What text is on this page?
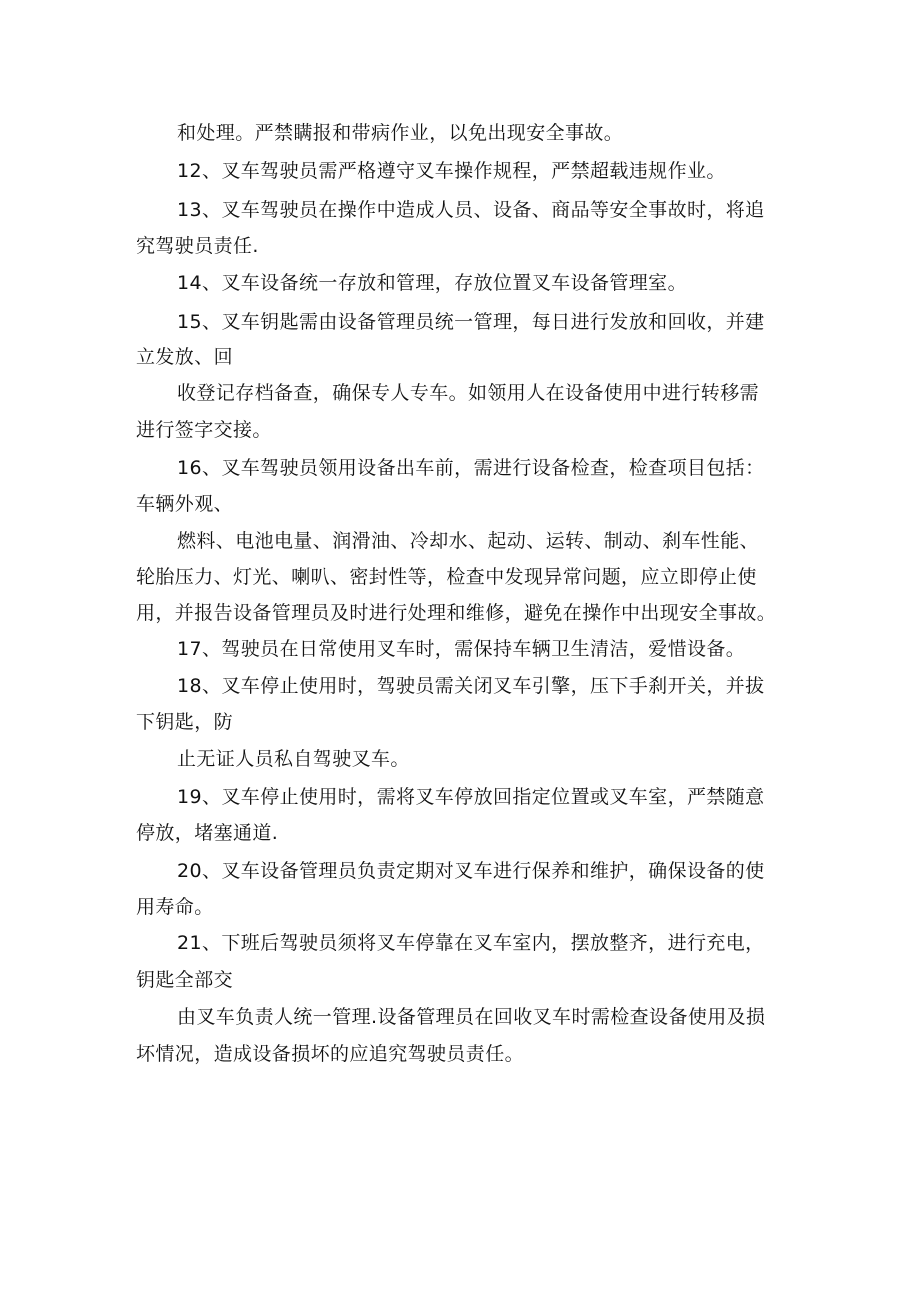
和处理。严禁瞒报和带病作业，以免出现安全事故。
12、叉车驾驶员需严格遵守叉车操作规程，严禁超载违规作业。
13、叉车驾驶员在操作中造成人员、设备、商品等安全事故时，将追
究驾驶员责任.
14、叉车设备统一存放和管理，存放位置叉车设备管理室。
15、叉车钥匙需由设备管理员统一管理，每日进行发放和回收，并建
立发放、回
收登记存档备查，确保专人专车。如领用人在设备使用中进行转移需
进行签字交接。
16、叉车驾驶员领用设备出车前，需进行设备检查，检查项目包括：
车辆外观、
燃料、电池电量、润滑油、冷却水、起动、运转、制动、刹车性能、
轮胎压力、灯光、喇叭、密封性等，检查中发现异常问题，应立即停止使
用，并报告设备管理员及时进行处理和维修，避免在操作中出现安全事故。
17、驾驶员在日常使用叉车时，需保持车辆卫生清洁，爱惜设备。
18、叉车停止使用时，驾驶员需关闭叉车引擎，压下手刹开关，并拔
下钥匙，防
止无证人员私自驾驶叉车。
19、叉车停止使用时，需将叉车停放回指定位置或叉车室，严禁随意
停放，堵塞通道.
20、叉车设备管理员负责定期对叉车进行保养和维护，确保设备的使
用寿命。
21、下班后驾驶员须将叉车停靠在叉车室内，摆放整齐，进行充电，
钥匙全部交
由叉车负责人统一管理.设备管理员在回收叉车时需检查设备使用及损
坏情况，造成设备损坏的应追究驾驶员责任。
